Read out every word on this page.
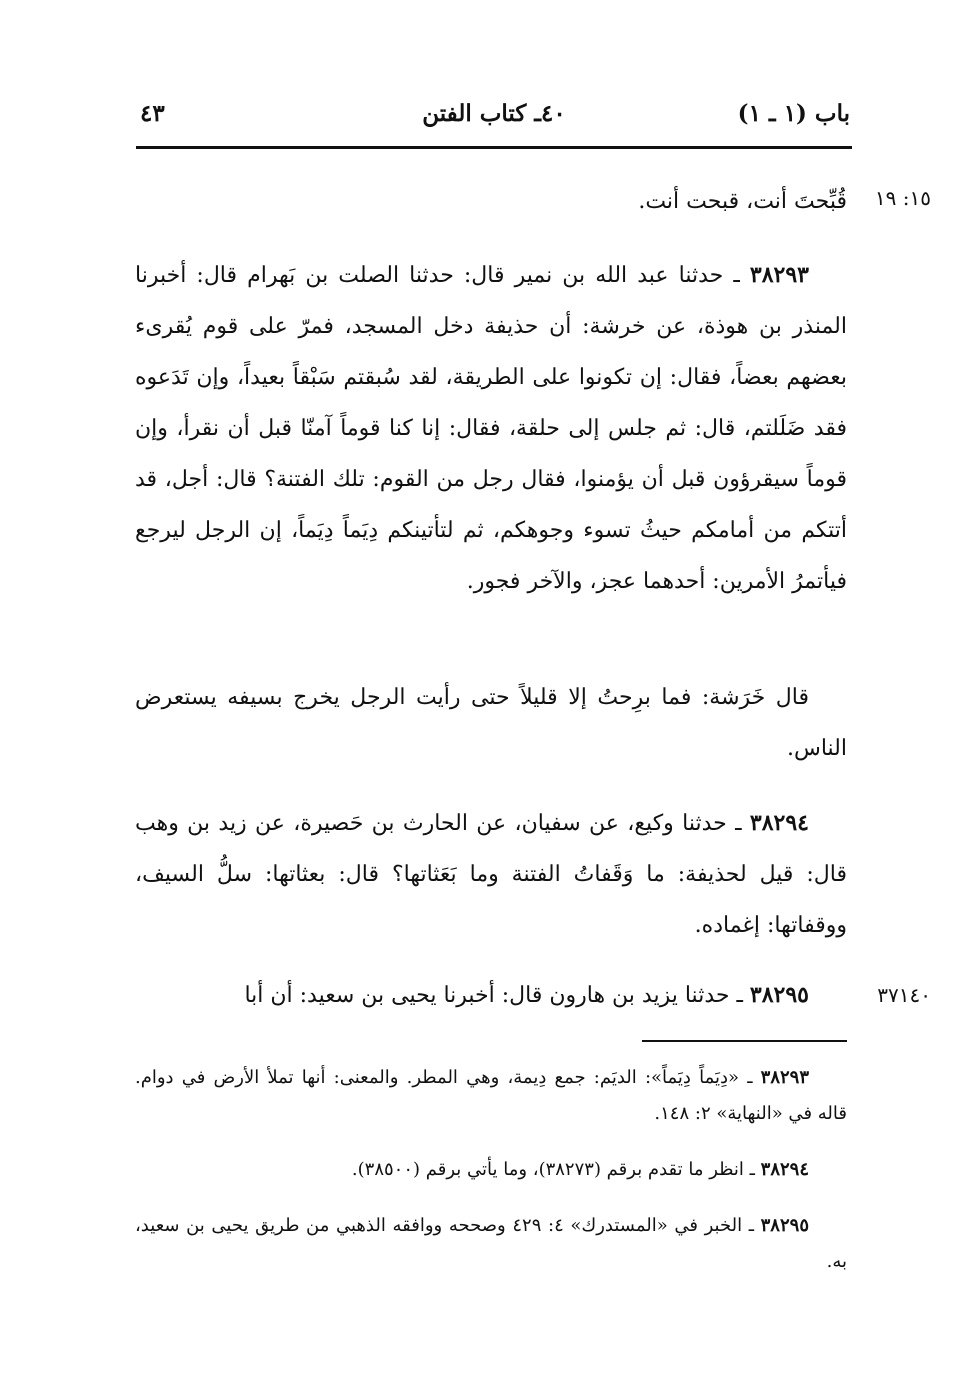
باب (١ ـ ١)
٤٠ـ كتاب الفتن
٤٣
١٥: ١٩
٣٧١٤٠

قُبِّحتَ أنت، قبحت أنت.

٣٨٢٩٣ ـ حدثنا عبد الله بن نمير قال: حدثنا الصلت بن بَهرام قال: أخبرنا المنذر بن هوذة، عن خرشة: أن حذيفة دخل المسجد، فمرّ على قوم يُقرىء بعضهم بعضاً، فقال: إن تكونوا على الطريقة، لقد سُبقتم سَبْقاً بعيداً، وإن تَدَعوه فقد ضَلَلتم، قال: ثم جلس إلى حلقة، فقال: إنا كنا قوماً آمنّا قبل أن نقرأ، وإن قوماً سيقرؤون قبل أن يؤمنوا، فقال رجل من القوم: تلك الفتنة؟ قال: أجل، قد أتتكم من أمامكم حيثُ تسوء وجوهكم، ثم لتأتينكم دِيَماً دِيَماً، إن الرجل ليرجع فيأتمرُ الأمرين: أحدهما عجز، والآخر فجور.

قال خَرَشة: فما برِحتُ إلا قليلاً حتى رأيت الرجل يخرج بسيفه يستعرض الناس.

٣٨٢٩٤ ـ حدثنا وكيع، عن سفيان، عن الحارث بن حَصيرة، عن زيد بن وهب قال: قيل لحذيفة: ما وَقَفاتُ الفتنة وما بَعَثاتها؟ قال: بعثاتها: سلُّ السيف، ووقفاتها: إغماده.

٣٨٢٩٥ ـ حدثنا يزيد بن هارون قال: أخبرنا يحيى بن سعيد: أن أبا

٣٨٢٩٣ ـ «دِيَماً دِيَماً»: الديَم: جمع دِيمة، وهي المطر. والمعنى: أنها تملأ الأرض في دوام. قاله في «النهاية» ٢: ١٤٨.

٣٨٢٩٤ ـ انظر ما تقدم برقم (٣٨٢٧٣)، وما يأتي برقم (٣٨٥٠٠).

٣٨٢٩٥ ـ الخبر في «المستدرك» ٤: ٤٢٩ وصححه ووافقه الذهبي من طريق يحيى بن سعيد، به.
